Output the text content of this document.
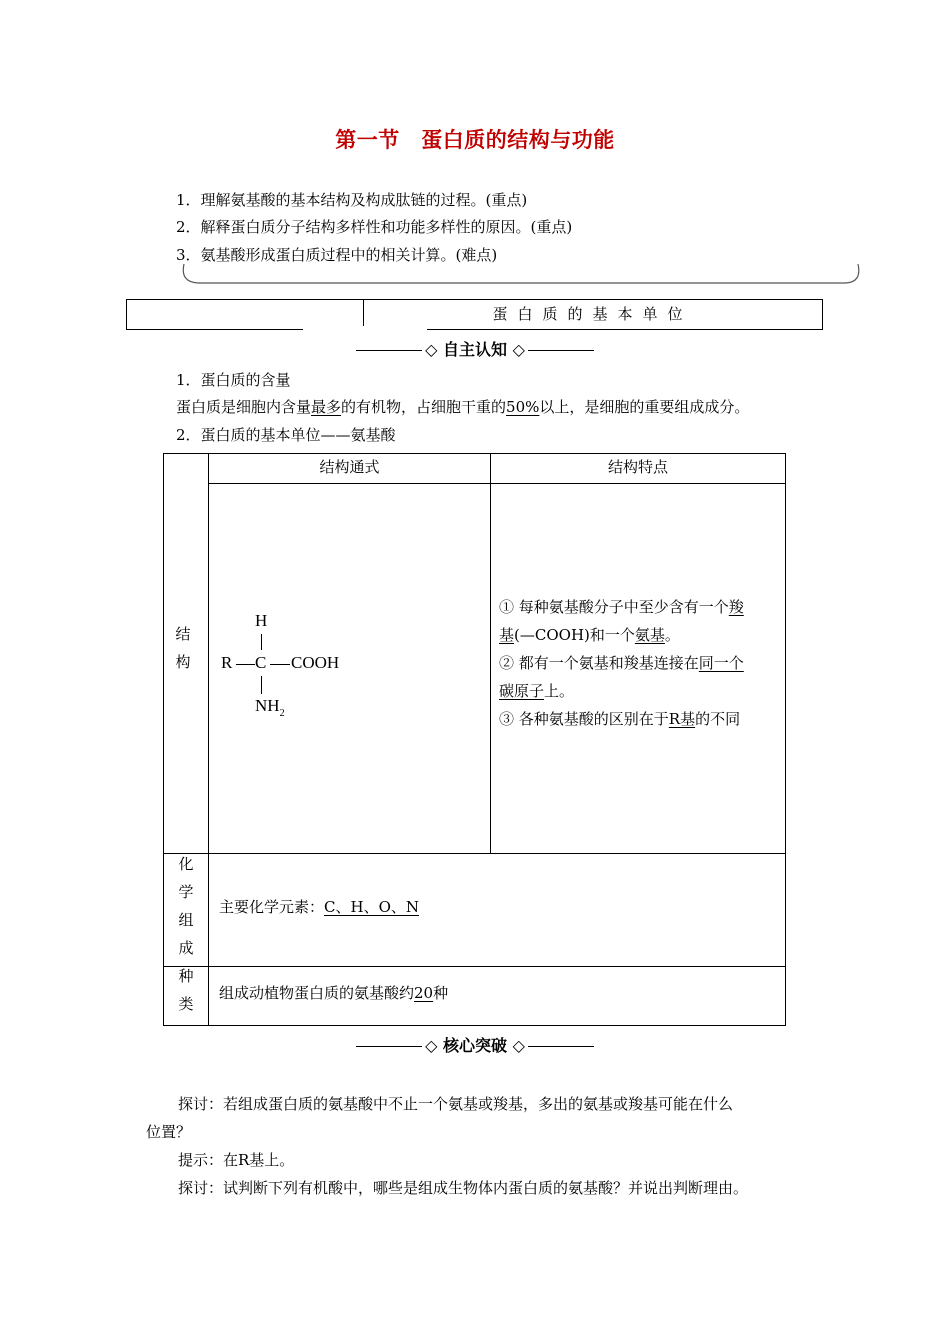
第一节　蛋白质的结构与功能
1．理解氨基酸的基本结构及构成肽链的过程。(重点)
2．解释蛋白质分子结构多样性和功能多样性的原因。(重点)
3．氨基酸形成蛋白质过程中的相关计算。(难点)
蛋白质的基本单位
◇ 自主认知 ◇
1．蛋白质的含量
蛋白质是细胞内含量最多的有机物，占细胞干重的50%以上，是细胞的重要组成成分。
2．蛋白质的基本单位——氨基酸
结构通式	结构特点
结
构
H
R C COOH
$NH_2$
① 每种氨基酸分子中至少含有一个羧
基(—COOH)和一个氨基。
② 都有一个氨基和羧基连接在同一个
碳原子上。
③ 各种氨基酸的区别在于R基的不同
化
学
组
成
主要化学元素：C、H、O、N
种
类
组成动植物蛋白质的氨基酸约20种
◇ 核心突破 ◇
探讨：若组成蛋白质的氨基酸中不止一个氨基或羧基，多出的氨基或羧基可能在什么
位置？
提示：在R基上。
探讨：试判断下列有机酸中，哪些是组成生物体内蛋白质的氨基酸？并说出判断理由。
